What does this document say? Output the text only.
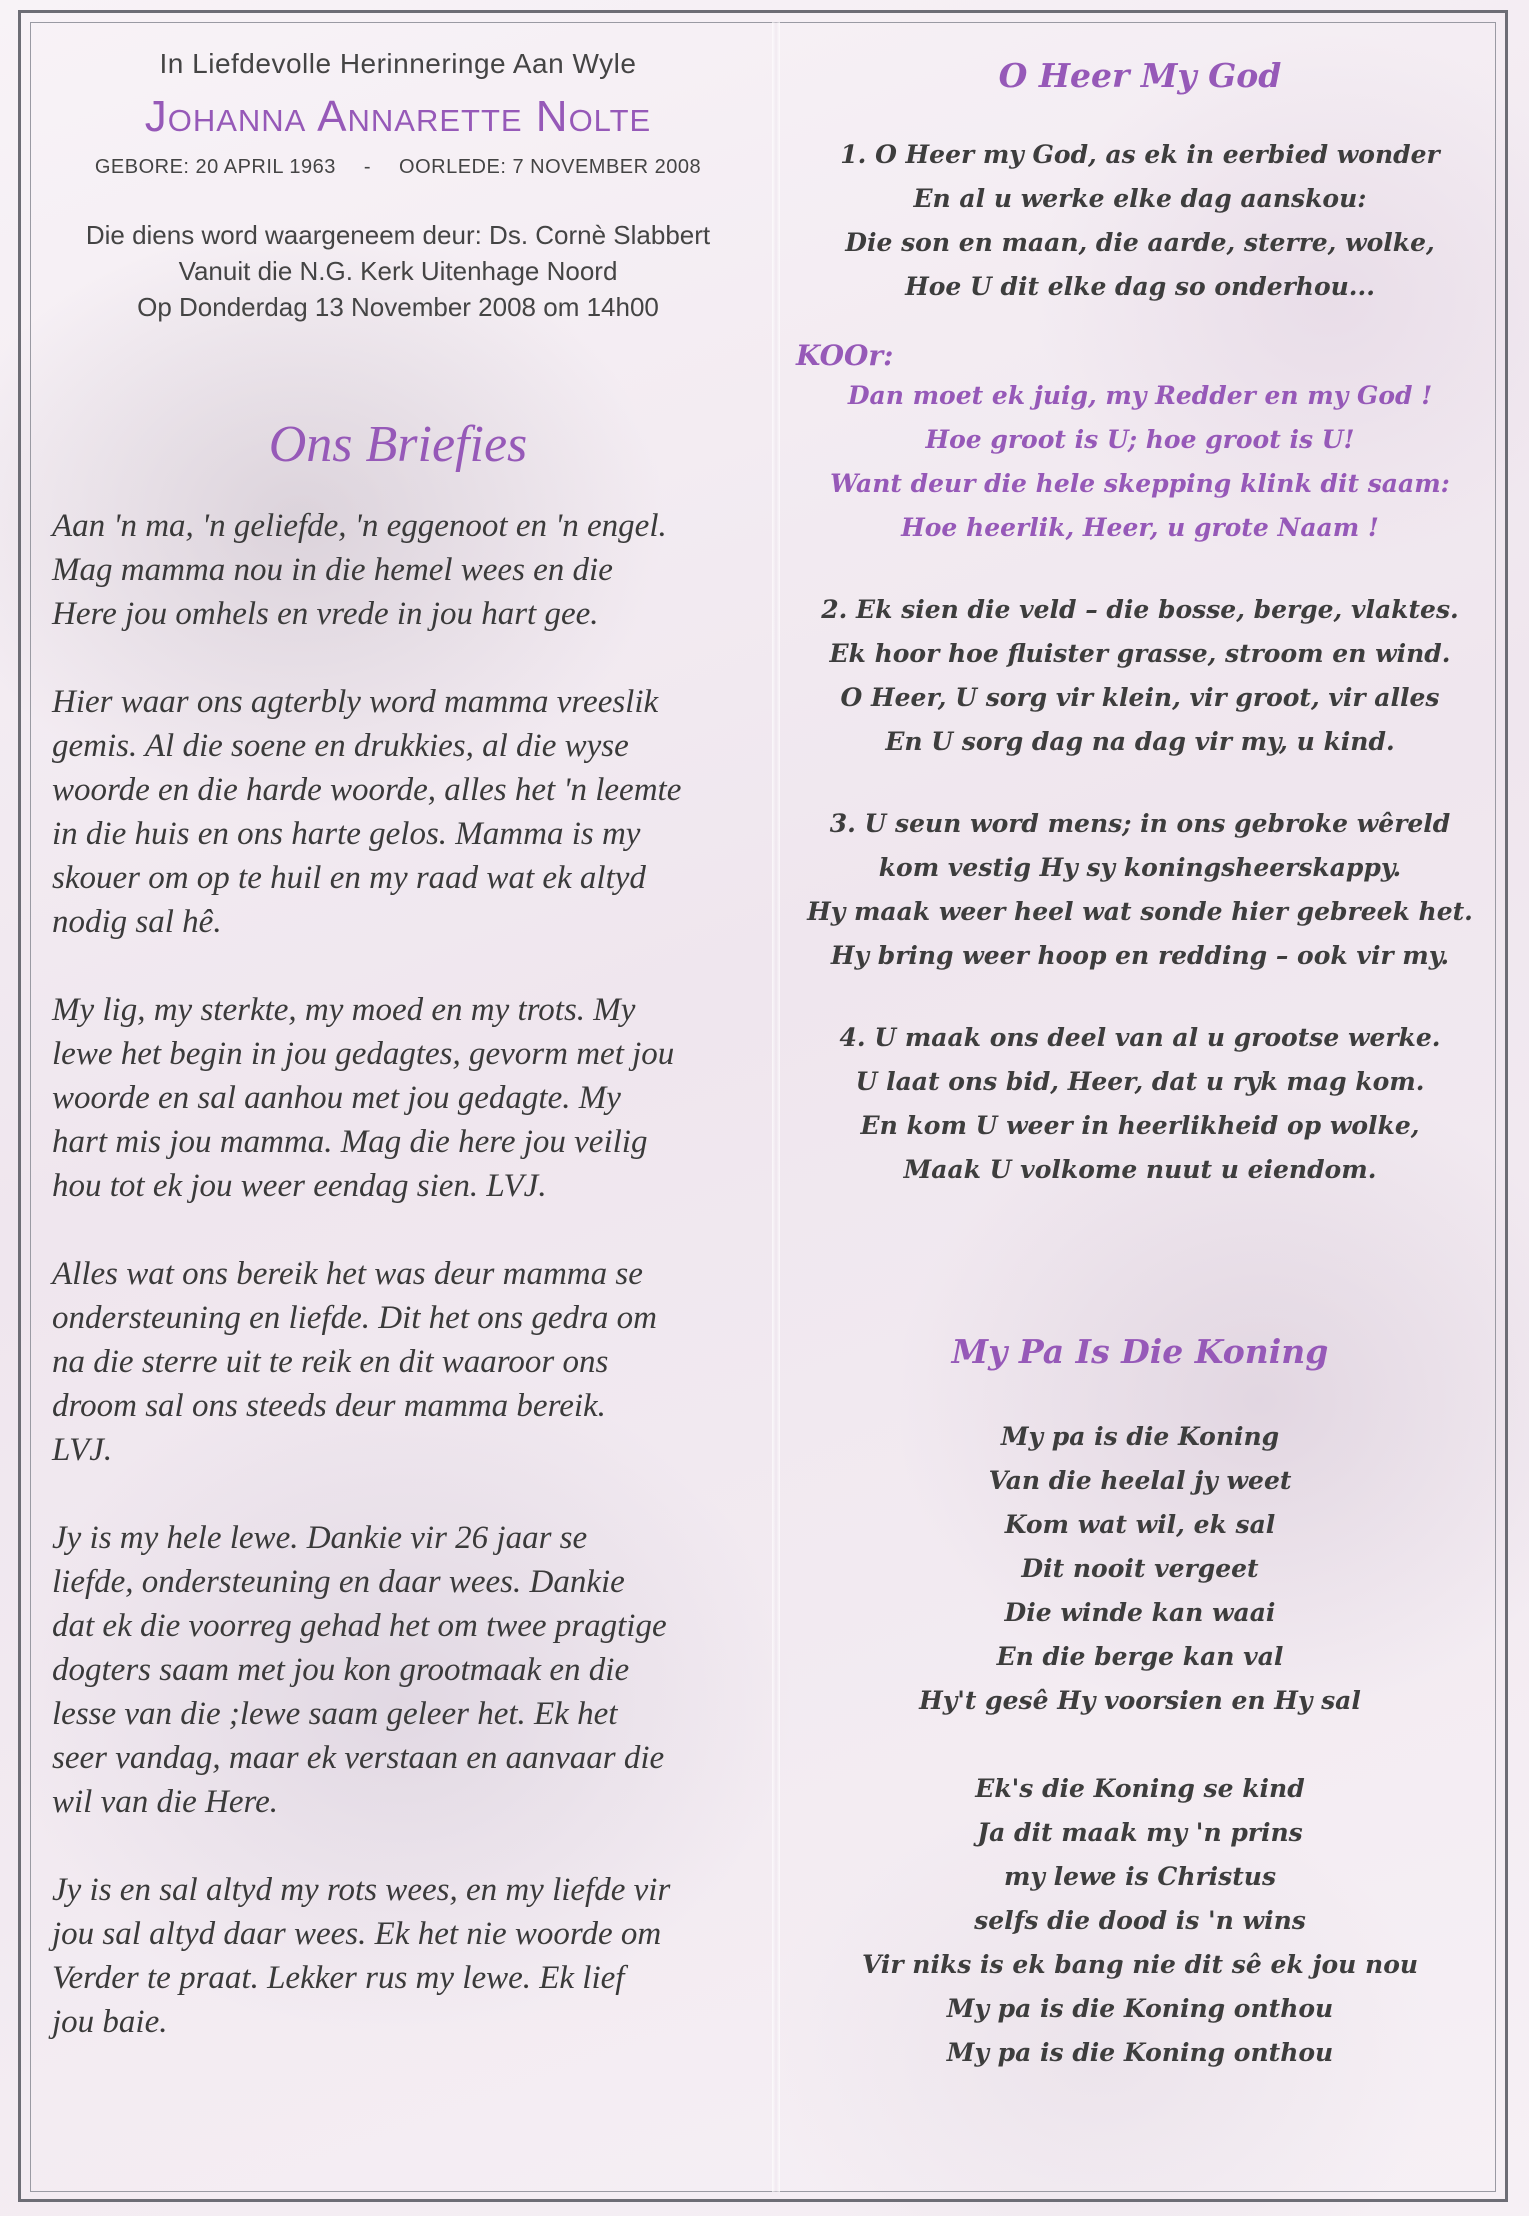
In Liefdevolle Herinneringe Aan Wyle
Johanna Annarette Nolte
GEBORE: 20 APRIL 1963 - OORLEDE: 7 NOVEMBER 2008
Die diens word waargeneem deur: Ds. Cornè Slabbert
Vanuit die N.G. Kerk Uitenhage Noord
Op Donderdag 13 November 2008 om 14h00
Ons Briefies
Aan 'n ma, 'n geliefde, 'n eggenoot en 'n engel.
Mag mamma nou in die hemel wees en die
Here jou omhels en vrede in jou hart gee.
Hier waar ons agterbly word mamma vreeslik
gemis. Al die soene en drukkies, al die wyse
woorde en die harde woorde, alles het 'n leemte
in die huis en ons harte gelos. Mamma is my
skouer om op te huil en my raad wat ek altyd
nodig sal hê.
My lig, my sterkte, my moed en my trots. My
lewe het begin in jou gedagtes, gevorm met jou
woorde en sal aanhou met jou gedagte. My
hart mis jou mamma. Mag die here jou veilig
hou tot ek jou weer eendag sien. LVJ.
Alles wat ons bereik het was deur mamma se
ondersteuning en liefde. Dit het ons gedra om
na die sterre uit te reik en dit waaroor ons
droom sal ons steeds deur mamma bereik.
LVJ.
Jy is my hele lewe. Dankie vir 26 jaar se
liefde, ondersteuning en daar wees. Dankie
dat ek die voorreg gehad het om twee pragtige
dogters saam met jou kon grootmaak en die
lesse van die ;lewe saam geleer het. Ek het
seer vandag, maar ek verstaan en aanvaar die
wil van die Here.
Jy is en sal altyd my rots wees, en my liefde vir
jou sal altyd daar wees. Ek het nie woorde om
Verder te praat. Lekker rus my lewe. Ek lief
jou baie.
O Heer My God
1. O Heer my God, as ek in eerbied wonder
En al u werke elke dag aanskou:
Die son en maan, die aarde, sterre, wolke,
Hoe U dit elke dag so onderhou...
KOOr:
Dan moet ek juig, my Redder en my God !
Hoe groot is U; hoe groot is U!
Want deur die hele skepping klink dit saam:
Hoe heerlik, Heer, u grote Naam !
2. Ek sien die veld – die bosse, berge, vlaktes.
Ek hoor hoe fluister grasse, stroom en wind.
O Heer, U sorg vir klein, vir groot, vir alles
En U sorg dag na dag vir my, u kind.
3. U seun word mens; in ons gebroke wêreld
kom vestig Hy sy koningsheerskappy.
Hy maak weer heel wat sonde hier gebreek het.
Hy bring weer hoop en redding – ook vir my.
4. U maak ons deel van al u grootse werke.
U laat ons bid, Heer, dat u ryk mag kom.
En kom U weer in heerlikheid op wolke,
Maak U volkome nuut u eiendom.
My Pa Is Die Koning
My pa is die Koning
Van die heelal jy weet
Kom wat wil, ek sal
Dit nooit vergeet
Die winde kan waai
En die berge kan val
Hy't gesê Hy voorsien en Hy sal
Ek's die Koning se kind
Ja dit maak my 'n prins
my lewe is Christus
selfs die dood is 'n wins
Vir niks is ek bang nie dit sê ek jou nou
My pa is die Koning onthou
My pa is die Koning onthou
